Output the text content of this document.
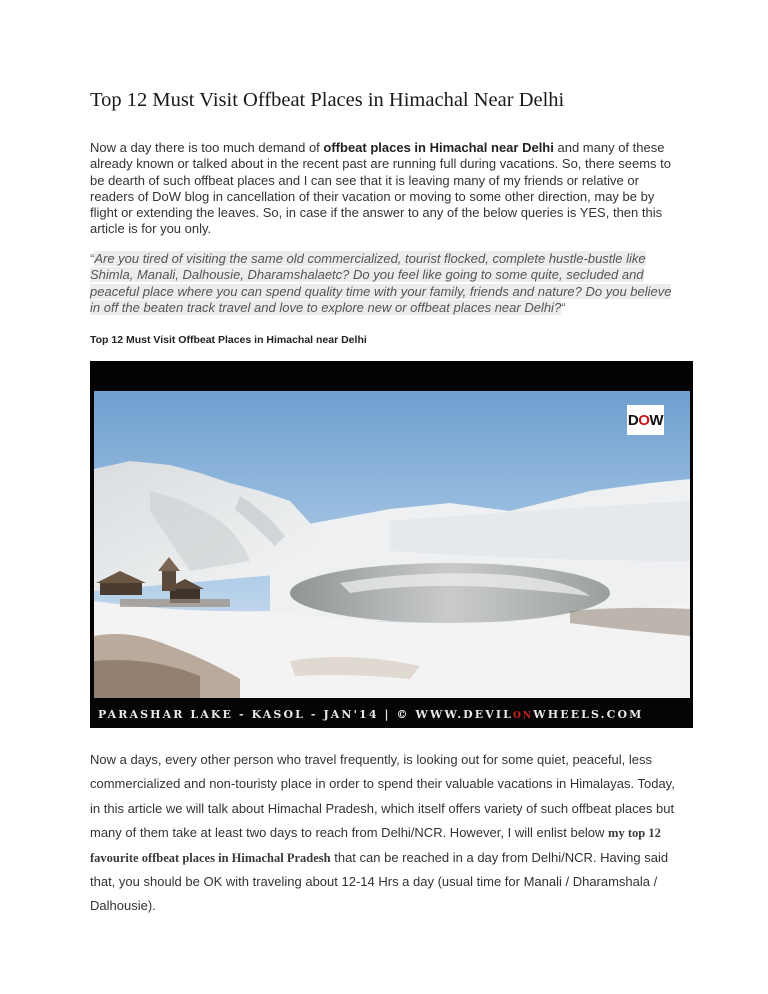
Top 12 Must Visit Offbeat Places in Himachal Near Delhi

Now a day there is too much demand of offbeat places in Himachal near Delhi and many of these already known or talked about in the recent past are running full during vacations. So, there seems to be dearth of such offbeat places and I can see that it is leaving many of my friends or relative or readers of DoW blog in cancellation of their vacation or moving to some other direction, may be by flight or extending the leaves. So, in case if the answer to any of the below queries is YES, then this article is for you only.

“Are you tired of visiting the same old commercialized, tourist flocked, complete hustle-bustle like Shimla, Manali, Dalhousie, Dharamshalaetc? Do you feel like going to some quite, secluded and peaceful place where you can spend quality time with your family, friends and nature? Do you believe in off the beaten track travel and love to explore new or offbeat places near Delhi?“

Top 12 Must Visit Offbeat Places in Himachal near Delhi
D O W
PARASHAR LAKE - KASOL - JAN'14 | © WWW.DEVILONWHEELS.COM

Now a days, every other person who travel frequently, is looking out for some quiet, peaceful, less commercialized and non-touristy place in order to spend their valuable vacations in Himalayas. Today, in this article we will talk about Himachal Pradesh, which itself offers variety of such offbeat places but many of them take at least two days to reach from Delhi/NCR. However, I will enlist below my top 12 favourite offbeat places in Himachal Pradesh that can be reached in a day from Delhi/NCR. Having said that, you should be OK with traveling about 12-14 Hrs a day (usual time for Manali / Dharamshala / Dalhousie).
